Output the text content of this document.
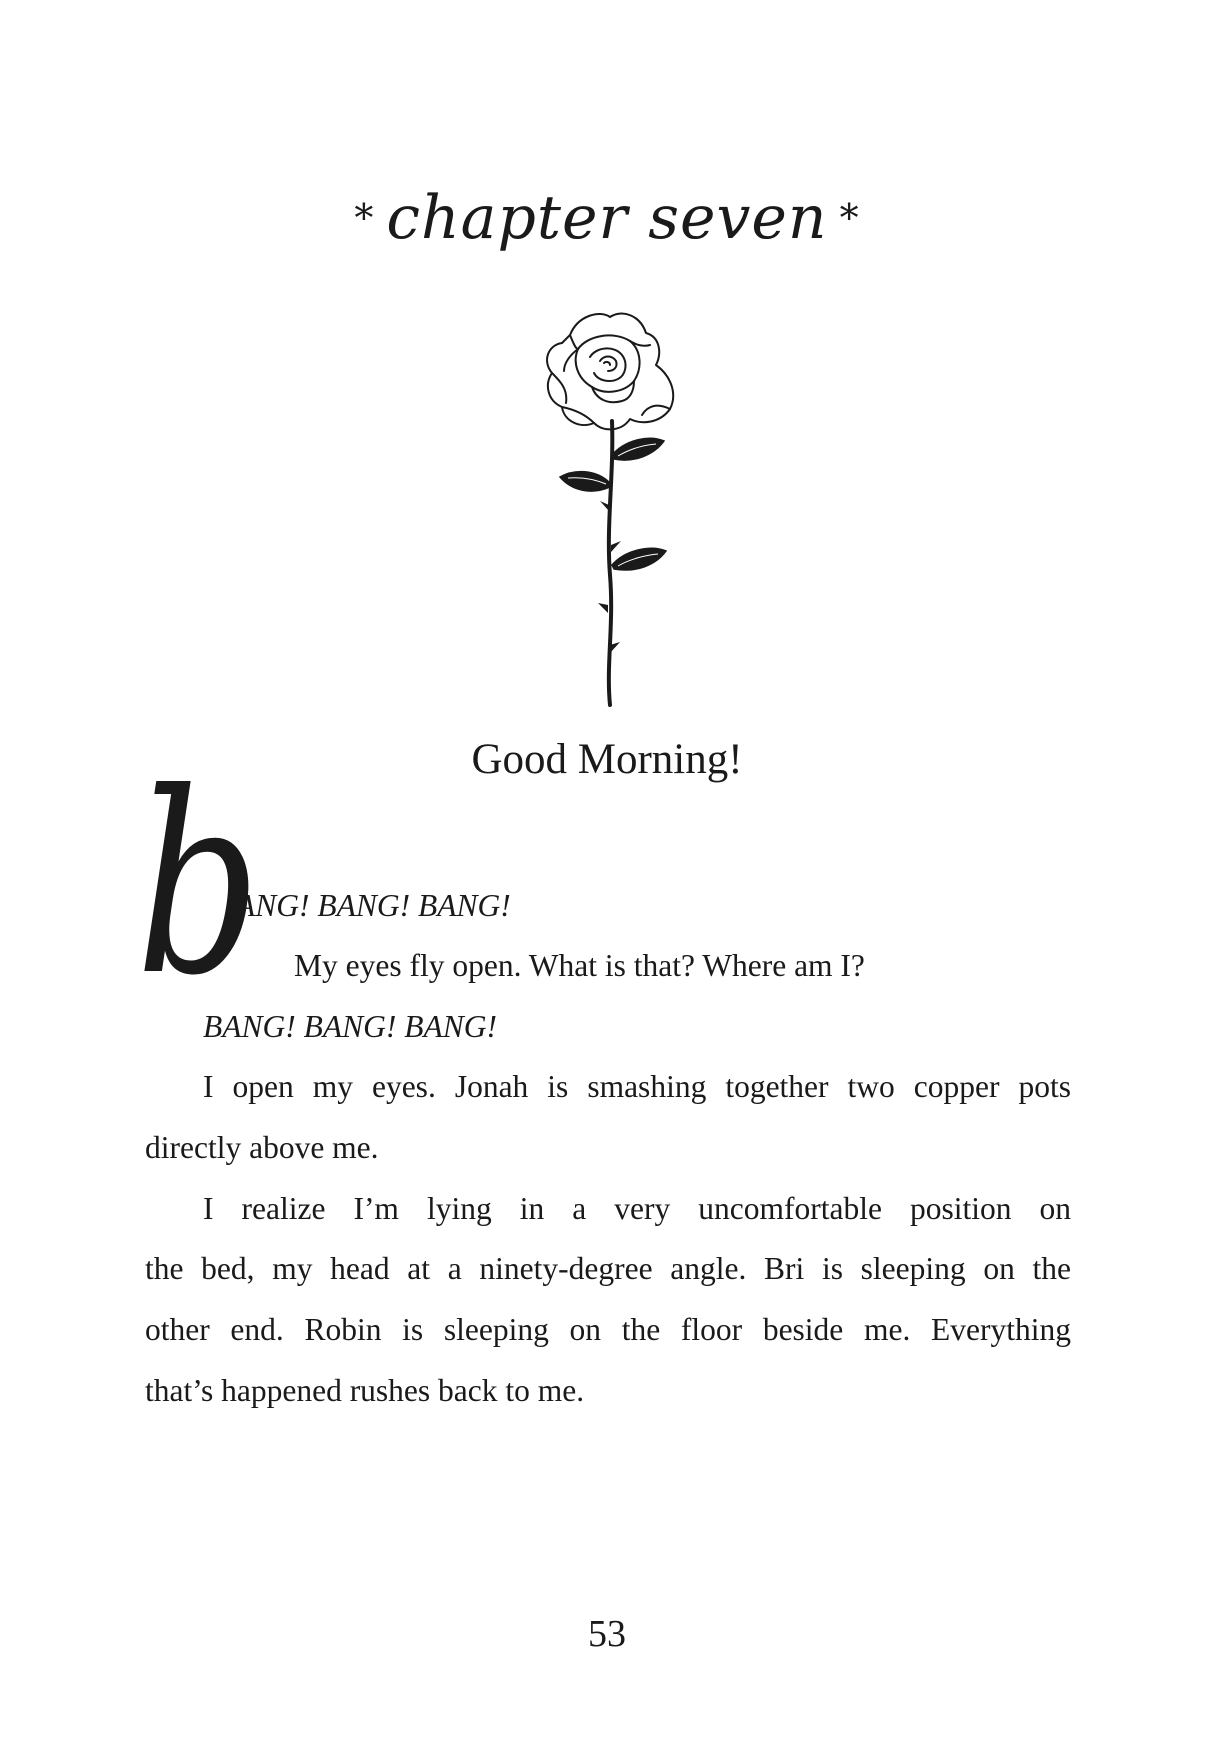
* chapter seven *
Good Morning!
b
ANG! BANG! BANG!
My eyes fly open. What is that? Where am I?
BANG! BANG! BANG!
I open my eyes. Jonah is smashing together two copper pots
directly above me.
I realize I’m lying in a very uncomfortable position on
the bed, my head at a ninety-degree angle. Bri is sleeping on the
other end. Robin is sleeping on the floor beside me. Everything
that’s happened rushes back to me.
53
